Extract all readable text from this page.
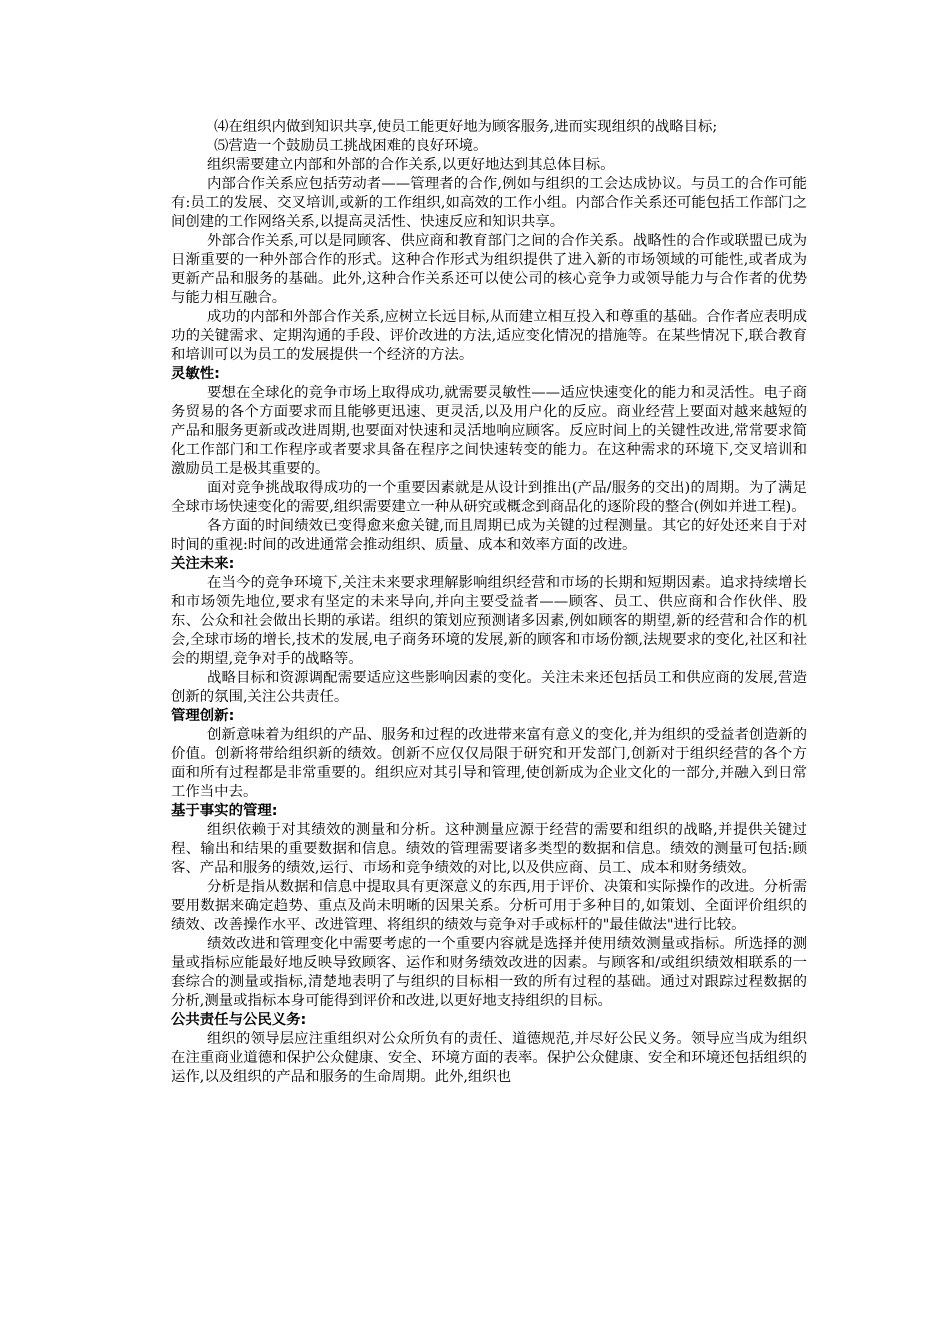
⑷在组织内做到知识共享,使员工能更好地为顾客服务,进而实现组织的战略目标;

⑸营造一个鼓励员工挑战困难的良好环境。

组织需要建立内部和外部的合作关系,以更好地达到其总体目标。

内部合作关系应包括劳动者——管理者的合作,例如与组织的工会达成协议。与员工的合作可能有:员工的发展、交叉培训,或新的工作组织,如高效的工作小组。内部合作关系还可能包括工作部门之间创建的工作网络关系,以提高灵活性、快速反应和知识共享。

外部合作关系,可以是同顾客、供应商和教育部门之间的合作关系。战略性的合作或联盟已成为日渐重要的一种外部合作的形式。这种合作形式为组织提供了进入新的市场领域的可能性,或者成为更新产品和服务的基础。此外,这种合作关系还可以使公司的核心竞争力或领导能力与合作者的优势与能力相互融合。

成功的内部和外部合作关系,应树立长远目标,从而建立相互投入和尊重的基础。合作者应表明成功的关键需求、定期沟通的手段、评价改进的方法,适应变化情况的措施等。在某些情况下,联合教育和培训可以为员工的发展提供一个经济的方法。

灵敏性:

要想在全球化的竞争市场上取得成功,就需要灵敏性——适应快速变化的能力和灵活性。电子商务贸易的各个方面要求而且能够更迅速、更灵活,以及用户化的反应。商业经营上要面对越来越短的产品和服务更新或改进周期,也要面对快速和灵活地响应顾客。反应时间上的关键性改进,常常要求简化工作部门和工作程序或者要求具备在程序之间快速转变的能力。在这种需求的环境下,交叉培训和激励员工是极其重要的。

面对竞争挑战取得成功的一个重要因素就是从设计到推出(产品/服务的交出)的周期。为了满足全球市场快速变化的需要,组织需要建立一种从研究或概念到商品化的逐阶段的整合(例如并进工程)。

各方面的时间绩效已变得愈来愈关键,而且周期已成为关键的过程测量。其它的好处还来自于对时间的重视:时间的改进通常会推动组织、质量、成本和效率方面的改进。

关注未来:

在当今的竞争环境下,关注未来要求理解影响组织经营和市场的长期和短期因素。追求持续增长和市场领先地位,要求有坚定的未来导向,并向主要受益者——顾客、员工、供应商和合作伙伴、股东、公众和社会做出长期的承诺。组织的策划应预测诸多因素,例如顾客的期望,新的经营和合作的机会,全球市场的增长,技术的发展,电子商务环境的发展,新的顾客和市场份额,法规要求的变化,社区和社会的期望,竞争对手的战略等。

战略目标和资源调配需要适应这些影响因素的变化。关注未来还包括员工和供应商的发展,营造创新的氛围,关注公共责任。

管理创新:

创新意味着为组织的产品、服务和过程的改进带来富有意义的变化,并为组织的受益者创造新的价值。创新将带给组织新的绩效。创新不应仅仅局限于研究和开发部门,创新对于组织经营的各个方面和所有过程都是非常重要的。组织应对其引导和管理,使创新成为企业文化的一部分,并融入到日常工作当中去。

基于事实的管理:

组织依赖于对其绩效的测量和分析。这种测量应源于经营的需要和组织的战略,并提供关键过程、输出和结果的重要数据和信息。绩效的管理需要诸多类型的数据和信息。绩效的测量可包括:顾客、产品和服务的绩效,运行、市场和竞争绩效的对比,以及供应商、员工、成本和财务绩效。

分析是指从数据和信息中提取具有更深意义的东西,用于评价、决策和实际操作的改进。分析需要用数据来确定趋势、重点及尚未明晰的因果关系。分析可用于多种目的,如策划、全面评价组织的绩效、改善操作水平、改进管理、将组织的绩效与竞争对手或标杆的"最佳做法"进行比较。

绩效改进和管理变化中需要考虑的一个重要内容就是选择并使用绩效测量或指标。所选择的测量或指标应能最好地反映导致顾客、运作和财务绩效改进的因素。与顾客和/或组织绩效相联系的一套综合的测量或指标,清楚地表明了与组织的目标相一致的所有过程的基础。通过对跟踪过程数据的分析,测量或指标本身可能得到评价和改进,以更好地支持组织的目标。

公共责任与公民义务:

组织的领导层应注重组织对公众所负有的责任、道德规范,并尽好公民义务。领导应当成为组织在注重商业道德和保护公众健康、安全、环境方面的表率。保护公众健康、安全和环境还包括组织的运作,以及组织的产品和服务的生命周期。此外,组织也
